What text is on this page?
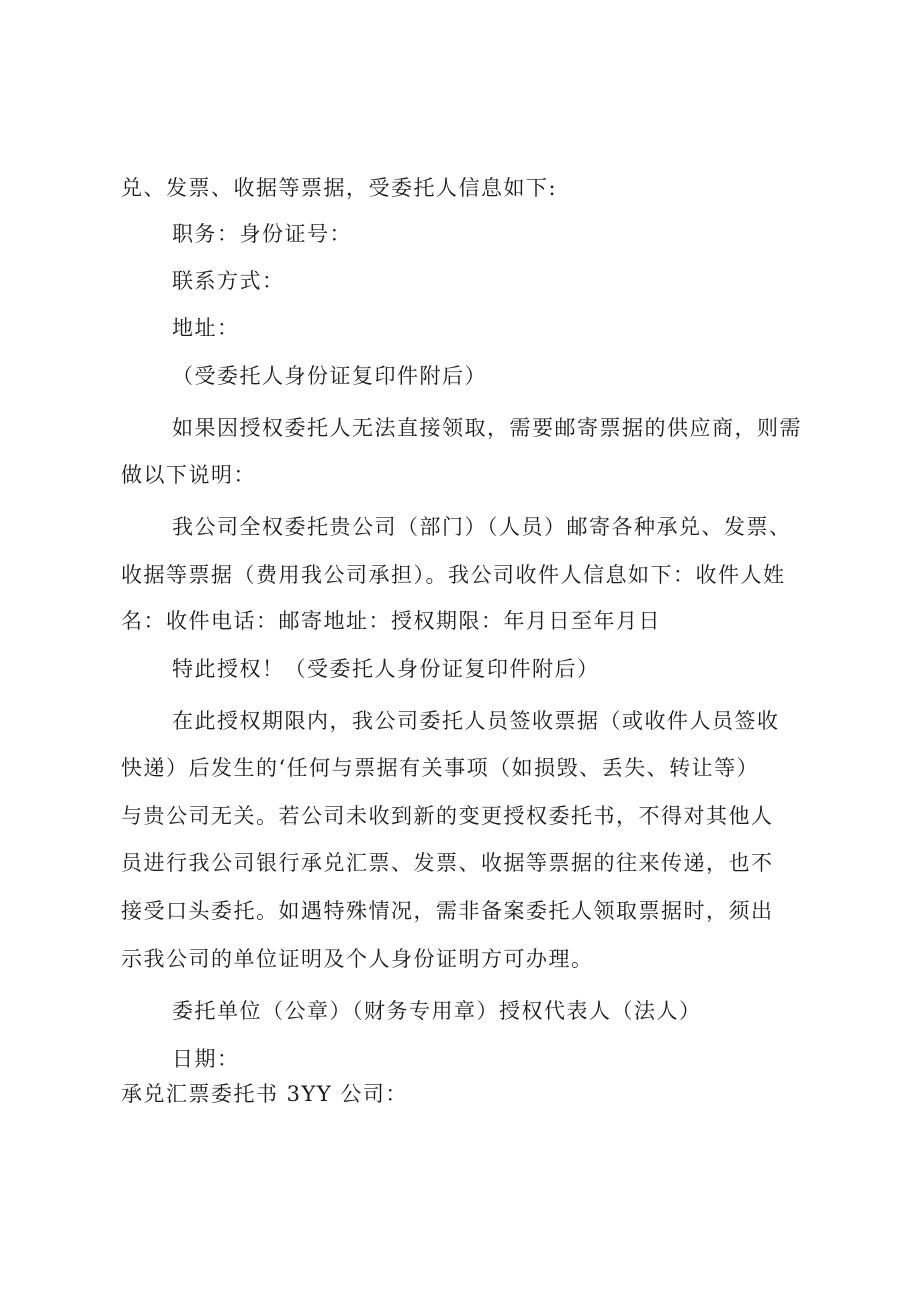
兑、发票、收据等票据，受委托人信息如下:

职务：身份证号：

联系方式：

地址：

（受委托人身份证复印件附后）

如果因授权委托人无法直接领取，需要邮寄票据的供应商，则需

做以下说明：

我公司全权委托贵公司（部门）（人员）邮寄各种承兑、发票、

收据等票据（费用我公司承担）。我公司收件人信息如下：收件人姓

名：收件电话：邮寄地址：授权期限：年月日至年月日

特此授权！（受委托人身份证复印件附后）

在此授权期限内，我公司委托人员签收票据（或收件人员签收

快递）后发生的‘任何与票据有关事项（如损毁、丢失、转让等）

与贵公司无关。若公司未收到新的变更授权委托书，不得对其他人

员进行我公司银行承兑汇票、发票、收据等票据的往来传递，也不

接受口头委托。如遇特殊情况，需非备案委托人领取票据时，须出

示我公司的单位证明及个人身份证明方可办理。

委托单位（公章）（财务专用章）授权代表人（法人）

日期：

承兑汇票委托书 3YY 公司：
